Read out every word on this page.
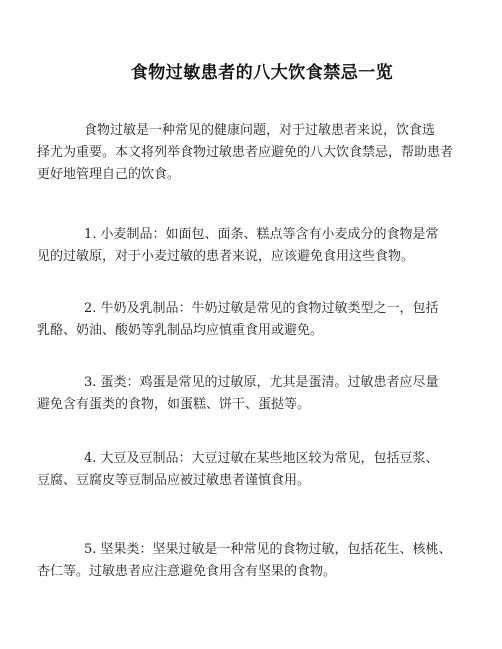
食物过敏患者的八大饮食禁忌一览

食物过敏是一种常见的健康问题，对于过敏患者来说，饮食选
择尤为重要。本文将列举食物过敏患者应避免的八大饮食禁忌，帮助患者更好地管理自己的饮食。

1. 小麦制品：如面包、面条、糕点等含有小麦成分的食物是常
见的过敏原，对于小麦过敏的患者来说，应该避免食用这些食物。

2. 牛奶及乳制品：牛奶过敏是常见的食物过敏类型之一，包括
乳酪、奶油、酸奶等乳制品均应慎重食用或避免。

3. 蛋类：鸡蛋是常见的过敏原，尤其是蛋清。过敏患者应尽量
避免含有蛋类的食物，如蛋糕、饼干、蛋挞等。

4. 大豆及豆制品：大豆过敏在某些地区较为常见，包括豆浆、
豆腐、豆腐皮等豆制品应被过敏患者谨慎食用。

5. 坚果类：坚果过敏是一种常见的食物过敏，包括花生、核桃、
杏仁等。过敏患者应注意避免食用含有坚果的食物。
